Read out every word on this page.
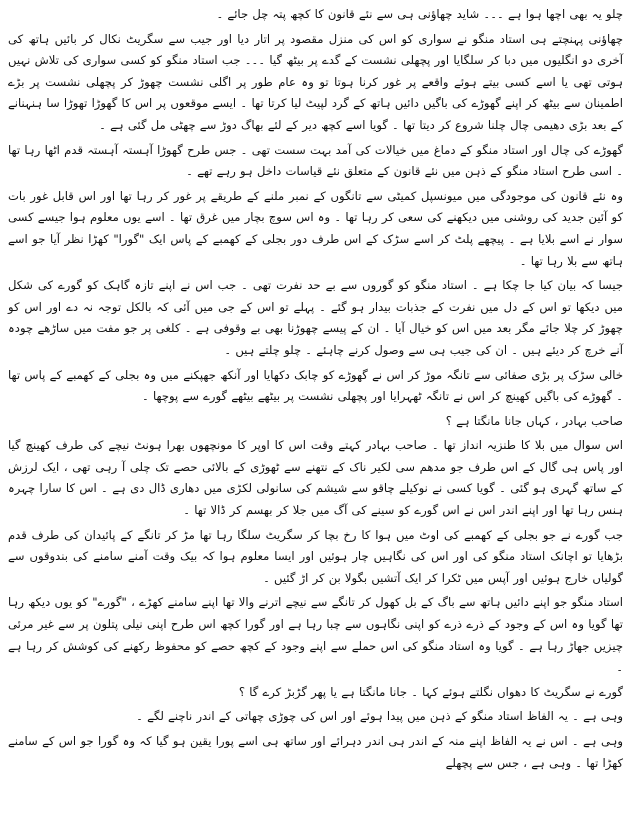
چلو یہ بھی اچھا ہوا ہے ۔۔۔ شاید چھاؤنی ہی سے نئے قانون کا کچھ پتہ چل جائے ۔

چھاؤنی پہنچتے ہی استاد منگو نے سواری کو اس کی منزل مقصود پر اتار دیا اور جیب سے سگریٹ نکال کر بائیں ہاتھ کی آخری دو انگلیوں میں دبا کر سلگایا اور پچھلی نشست کے گدے پر بیٹھ گیا ۔۔۔ جب استاد منگو کو کسی سواری کی تلاش نہیں ہوتی تھی یا اسے کسی بیتے ہوئے واقعے پر غور کرنا ہوتا تو وہ عام طور پر اگلی نشست چھوڑ کر پچھلی نشست پر بڑے اطمینان سے بیٹھ کر اپنے گھوڑے کی باگیں دائیں ہاتھ کے گرد لپیٹ لیا کرتا تھا ۔ ایسے موقعوں پر اس کا گھوڑا تھوڑا سا ہنہنانے کے بعد بڑی دھیمی چال چلنا شروع کر دیتا تھا ۔ گویا اسے کچھ دیر کے لئے بھاگ دوڑ سے چھٹی مل گئی ہے ۔

گھوڑے کی چال اور استاد منگو کے دماغ میں خیالات کی آمد بہت سست تھی ۔ جس طرح گھوڑا آہستہ آہستہ قدم اٹھا رہا تھا ۔ اسی طرح استاد منگو کے ذہن میں نئے قانون کے متعلق نئے قیاسات داخل ہو رہے تھے ۔

وہ نئے قانون کی موجودگی میں میونسپل کمیٹی سے تانگوں کے نمبر ملنے کے طریقے پر غور کر رہا تھا اور اس قابل غور بات کو آئین جدید کی روشنی میں دیکھنے کی سعی کر رہا تھا ۔ وہ اس سوچ بچار میں غرق تھا ۔ اسے یوں معلوم ہوا جیسے کسی سوار نے اسے بلایا ہے ۔ پیچھے پلٹ کر اسے سڑک کے اس طرف دور بجلی کے کھمبے کے پاس ایک "گورا" کھڑا نظر آیا جو اسے ہاتھ سے بلا رہا تھا ۔

جیسا کہ بیان کیا جا چکا ہے ۔ استاد منگو کو گوروں سے بے حد نفرت تھی ۔ جب اس نے اپنے تازہ گاہک کو گورے کی شکل میں دیکھا تو اس کے دل میں نفرت کے جذبات بیدار ہو گئے ۔ پہلے تو اس کے جی میں آئی کہ بالکل توجہ نہ دے اور اس کو چھوڑ کر چلا جائے مگر بعد میں اس کو خیال آیا ۔ ان کے پیسے چھوڑنا بھی بے وقوفی ہے ۔ کلغی پر جو مفت میں ساڑھے چودہ آنے خرچ کر دیئے ہیں ۔ ان کی جیب ہی سے وصول کرنے چاہئے ۔ چلو چلتے ہیں ۔

خالی سڑک پر بڑی صفائی سے تانگہ موڑ کر اس نے گھوڑے کو چابک دکھایا اور آنکھ جھپکنے میں وہ بجلی کے کھمبے کے پاس تھا ۔ گھوڑے کی باگیں کھینچ کر اس نے تانگہ ٹھہرایا اور پچھلی نشست پر بیٹھے بیٹھے گورے سے پوچھا ۔

صاحب بہادر ، کہاں جانا مانگتا ہے ؟

اس سوال میں بلا کا طنزیہ انداز تھا ۔ صاحب بہادر کہتے وقت اس کا اوپر کا مونچھوں بھرا ہونٹ نیچے کی طرف کھینچ گیا اور پاس ہی گال کے اس طرف جو مدھم سی لکیر ناک کے نتھنے سے ٹھوڑی کے بالائی حصے تک چلی آ رہی تھی ، ایک لرزش کے ساتھ گہری ہو گئی ۔ گویا کسی نے نوکیلے چاقو سے شیشم کی سانولی لکڑی میں دھاری ڈال دی ہے ۔ اس کا سارا چہرہ ہنس رہا تھا اور اپنے اندر اس نے اس گورے کو سینے کی آگ میں جلا کر بھسم کر ڈالا تھا ۔

جب گورے نے جو بجلی کے کھمبے کی اوٹ میں ہوا کا رخ بچا کر سگریٹ سلگا رہا تھا مڑ کر تانگے کے پائیدان کی طرف قدم بڑھایا تو اچانک استاد منگو کی اور اس کی نگاہیں چار ہوئیں اور ایسا معلوم ہوا کہ بیک وقت آمنے سامنے کی بندوقوں سے گولیاں خارج ہوئیں اور آپس میں ٹکرا کر ایک آتشیں بگولا بن کر اڑ گئیں ۔

استاد منگو جو اپنے دائیں ہاتھ سے باگ کے بل کھول کر تانگے سے نیچے اترنے والا تھا اپنے سامنے کھڑے ، "گورے" کو یوں دیکھ رہا تھا گویا وہ اس کے وجود کے ذرے ذرے کو اپنی نگاہوں سے چبا رہا ہے اور گورا کچھ اس طرح اپنی نیلی پتلون پر سے غیر مرئی چیزیں جھاڑ رہا ہے ۔ گویا وہ استاد منگو کی اس حملے سے اپنے وجود کے کچھ حصے کو محفوظ رکھنے کی کوشش کر رہا ہے ۔

گورے نے سگریٹ کا دھواں نگلتے ہوئے کہا ۔ جانا مانگتا ہے یا پھر گڑبڑ کرے گا ؟

وہی ہے ۔ یہ الفاظ استاد منگو کے ذہن میں پیدا ہوئے اور اس کی چوڑی چھاتی کے اندر ناچنے لگے ۔

وہی ہے ۔ اس نے یہ الفاظ اپنے منہ کے اندر ہی اندر دہرائے اور ساتھ ہی اسے پورا یقین ہو گیا کہ وہ گورا جو اس کے سامنے کھڑا تھا ۔ وہی ہے ، جس سے پچھلے
